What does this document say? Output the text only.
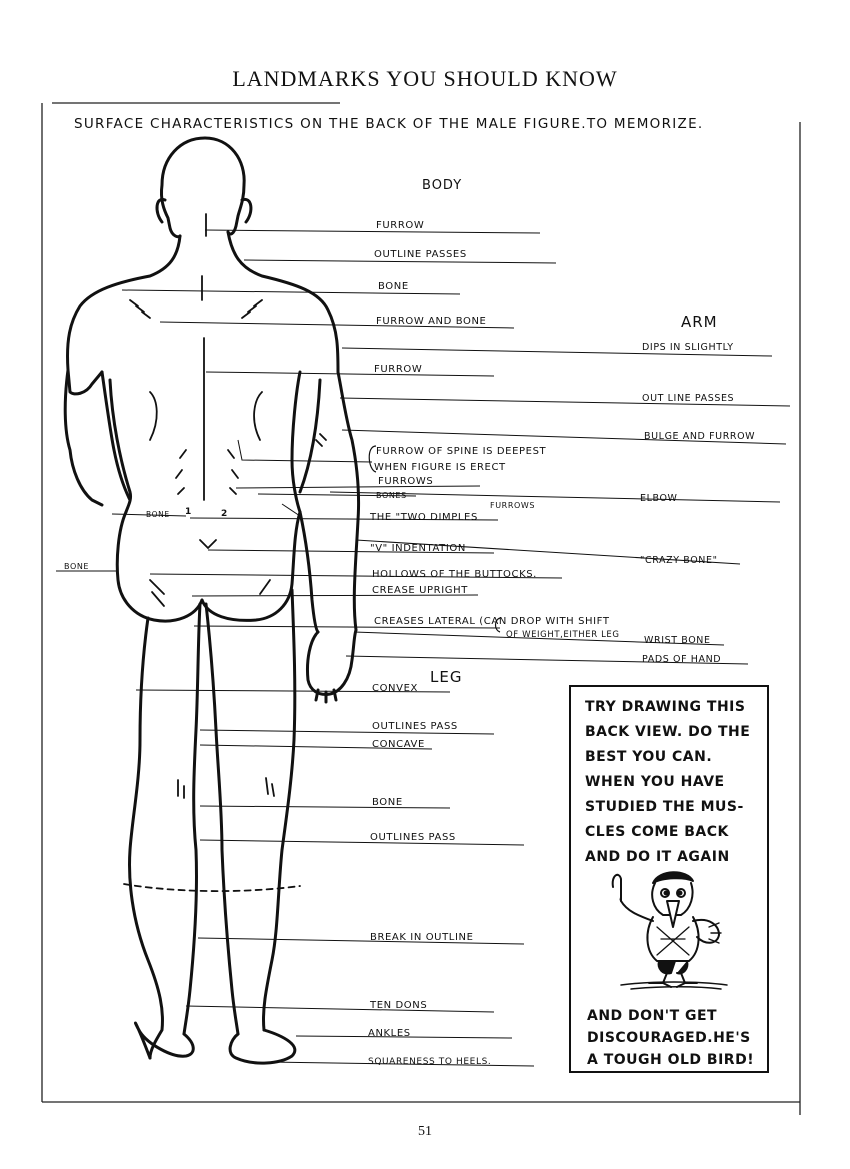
LANDMARKS YOU SHOULD KNOW
SURFACE CHARACTERISTICS ON THE BACK OF THE MALE FIGURE.TO MEMORIZE.
BODY
ARM
LEG
FURROW
OUTLINE PASSES
BONE
FURROW AND BONE
FURROW
FURROW OF SPINE IS DEEPEST
WHEN FIGURE IS ERECT
FURROWS
BONES
FURROWS
THE "TWO DIMPLES
"V" INDENTATION
HOLLOWS OF THE BUTTOCKS.
CREASE UPRIGHT
CREASES LATERAL (CAN DROP WITH SHIFT
OF WEIGHT,EITHER LEG
DIPS IN SLIGHTLY
OUT LINE PASSES
BULGE AND FURROW
ELBOW
"CRAZY BONE"
WRIST BONE
PADS OF HAND
CONVEX
OUTLINES PASS
CONCAVE
BONE
OUTLINES PASS
BREAK IN OUTLINE
TEN DONS
ANKLES
SQUARENESS TO HEELS.
BONE
BONE 1	2
TRY DRAWING THIS
BACK VIEW. DO THE
BEST YOU CAN.
WHEN YOU HAVE
STUDIED THE MUS-
CLES COME BACK
AND DO IT AGAIN
AND DON'T GET
DISCOURAGED.HE'S
A TOUGH OLD BIRD!
51
